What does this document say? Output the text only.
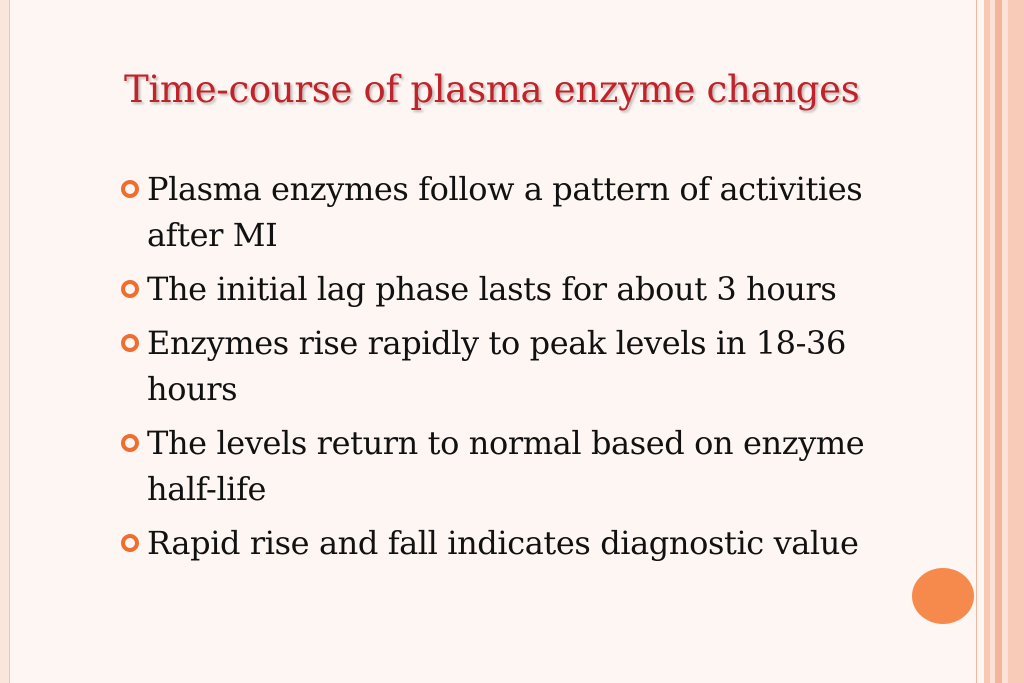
Time-course of plasma enzyme changes
Plasma enzymes follow a pattern of activities after MI
The initial lag phase lasts for about 3 hours
Enzymes rise rapidly to peak levels in 18-36 hours
The levels return to normal based on enzyme half-life
Rapid rise and fall indicates diagnostic value
